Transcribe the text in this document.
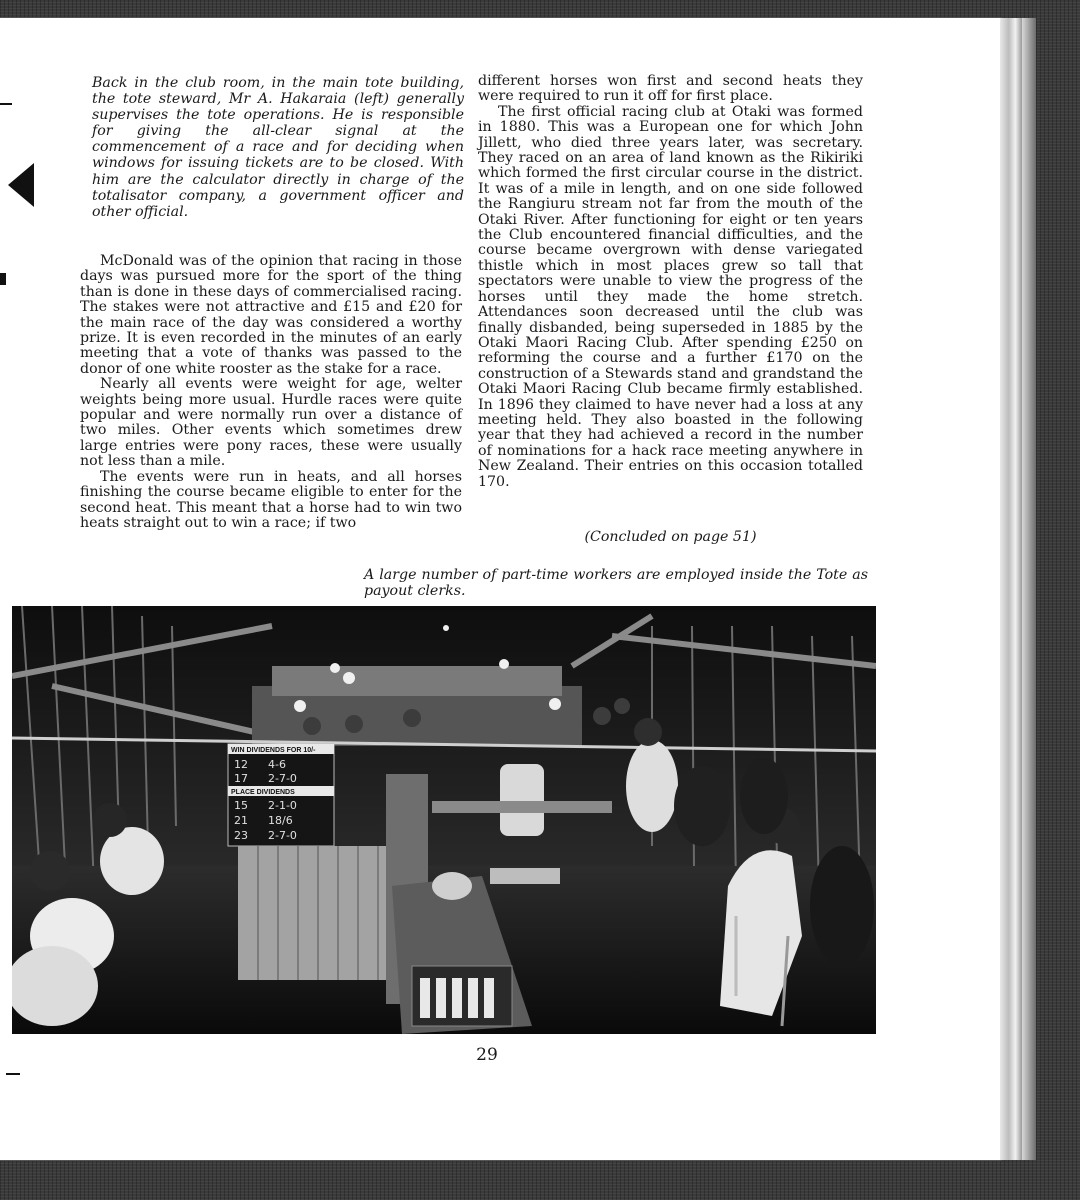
Back in the club room, in the main tote building, the tote steward, Mr A. Hakaraia (left) generally supervises the tote operations. He is responsible for giving the all-clear signal at the commencement of a race and for deciding when windows for issuing tickets are to be closed. With him are the calculator directly in charge of the totalisator company, a government officer and other official.

McDonald was of the opinion that racing in those days was pursued more for the sport of the thing than is done in these days of commercialised racing. The stakes were not attractive and £15 and £20 for the main race of the day was considered a worthy prize. It is even recorded in the minutes of an early meeting that a vote of thanks was passed to the donor of one white rooster as the stake for a race.

Nearly all events were weight for age, welter weights being more usual. Hurdle races were quite popular and were normally run over a distance of two miles. Other events which sometimes drew large entries were pony races, these were usually not less than a mile.

The events were run in heats, and all horses finishing the course became eligible to enter for the second heat. This meant that a horse had to win two heats straight out to win a race; if two

different horses won first and second heats they were required to run it off for first place.

The first official racing club at Otaki was formed in 1880. This was a European one for which John Jillett, who died three years later, was secretary. They raced on an area of land known as the Rikiriki which formed the first circular course in the district. It was of a mile in length, and on one side followed the Rangiuru stream not far from the mouth of the Otaki River. After functioning for eight or ten years the Club encountered financial difficulties, and the course became overgrown with dense variegated thistle which in most places grew so tall that spectators were unable to view the progress of the horses until they made the home stretch. Attendances soon decreased until the club was finally disbanded, being superseded in 1885 by the Otaki Maori Racing Club. After spending £250 on reforming the course and a further £170 on the construction of a Stewards stand and grandstand the Otaki Maori Racing Club became firmly established. In 1896 they claimed to have never had a loss at any meeting held. They also boasted in the following year that they had achieved a record in the number of nominations for a hack race meeting anywhere in New Zealand. Their entries on this occasion totalled 170.

(Concluded on page 51)

A large number of part-time workers are employed inside the Tote as payout clerks.

WIN DIVIDENDS FOR 10/-
PLACE DIVIDENDS
12 4-6
17 2-7-0
15 2-1-0
21 18/6
23 2-7-0
29
